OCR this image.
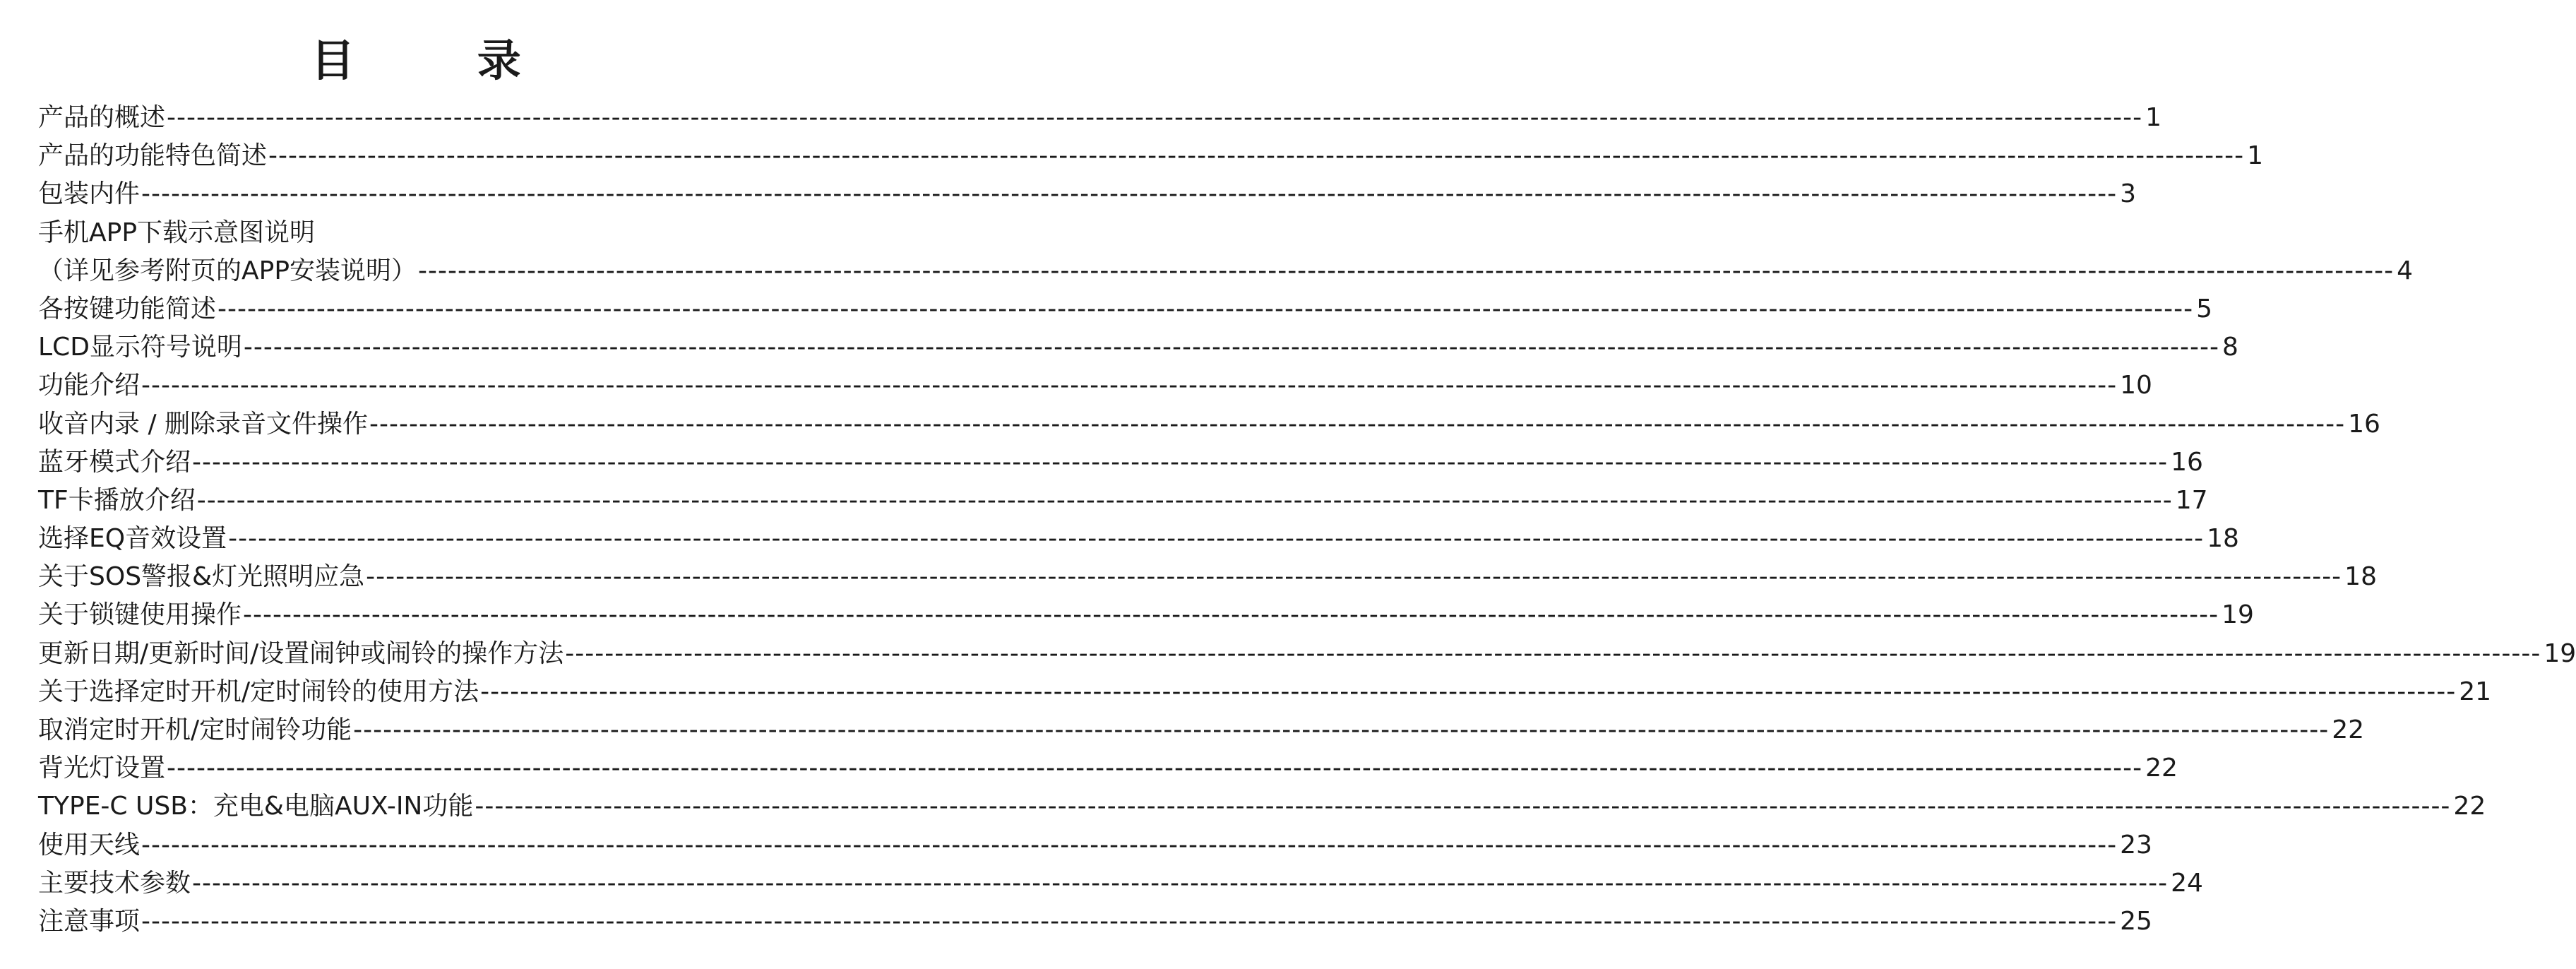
目 录
产品的概述 -------------------------------------------------------------------------------------------------------------------------------------------------------------------------------------------------------- 1
产品的功能特色简述 -------------------------------------------------------------------------------------------------------------------------------------------------------------------------------------------------------- 1
包装内件 -------------------------------------------------------------------------------------------------------------------------------------------------------------------------------------------------------- 3
手机APP下载示意图说明
（详见参考附页的APP安装说明） -------------------------------------------------------------------------------------------------------------------------------------------------------------------------------------------------------- 4
各按键功能简述 -------------------------------------------------------------------------------------------------------------------------------------------------------------------------------------------------------- 5
LCD显示符号说明 -------------------------------------------------------------------------------------------------------------------------------------------------------------------------------------------------------- 8
功能介绍 -------------------------------------------------------------------------------------------------------------------------------------------------------------------------------------------------------- 10
收音内录 / 删除录音文件操作 -------------------------------------------------------------------------------------------------------------------------------------------------------------------------------------------------------- 16
蓝牙模式介绍 -------------------------------------------------------------------------------------------------------------------------------------------------------------------------------------------------------- 16
TF卡播放介绍 -------------------------------------------------------------------------------------------------------------------------------------------------------------------------------------------------------- 17
选择EQ音效设置 -------------------------------------------------------------------------------------------------------------------------------------------------------------------------------------------------------- 18
关于SOS警报&灯光照明应急 -------------------------------------------------------------------------------------------------------------------------------------------------------------------------------------------------------- 18
关于锁键使用操作 -------------------------------------------------------------------------------------------------------------------------------------------------------------------------------------------------------- 19
更新日期/更新时间/设置闹钟或闹铃的操作方法 -------------------------------------------------------------------------------------------------------------------------------------------------------------------------------------------------------- 19
关于选择定时开机/定时闹铃的使用方法 -------------------------------------------------------------------------------------------------------------------------------------------------------------------------------------------------------- 21
取消定时开机/定时闹铃功能 -------------------------------------------------------------------------------------------------------------------------------------------------------------------------------------------------------- 22
背光灯设置 -------------------------------------------------------------------------------------------------------------------------------------------------------------------------------------------------------- 22
TYPE-C USB：充电&电脑AUX-IN功能 -------------------------------------------------------------------------------------------------------------------------------------------------------------------------------------------------------- 22
使用天线 -------------------------------------------------------------------------------------------------------------------------------------------------------------------------------------------------------- 23
主要技术参数 -------------------------------------------------------------------------------------------------------------------------------------------------------------------------------------------------------- 24
注意事项 -------------------------------------------------------------------------------------------------------------------------------------------------------------------------------------------------------- 25
